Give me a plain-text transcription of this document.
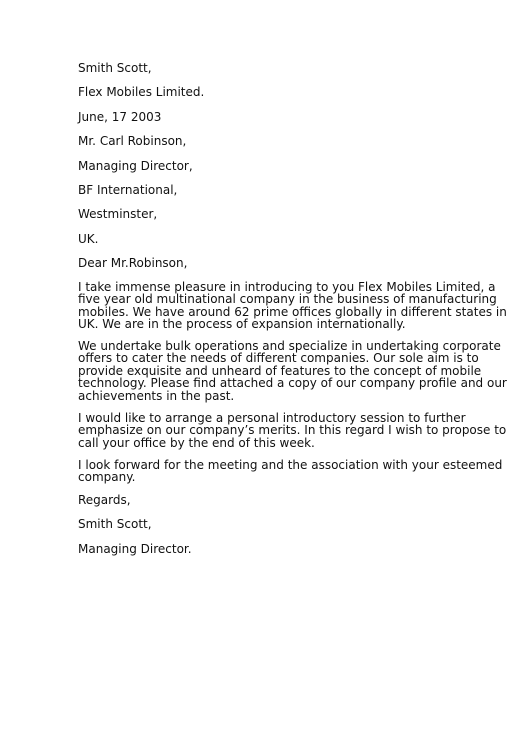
Smith Scott,
Flex Mobiles Limited.
June, 17 2003
Mr. Carl Robinson,
Managing Director,
BF International,
Westminster,
UK.
Dear Mr.Robinson,
I take immense pleasure in introducing to you Flex Mobiles Limited, a
five year old multinational company in the business of manufacturing
mobiles. We have around 62 prime offices globally in different states in
UK. We are in the process of expansion internationally.
We undertake bulk operations and specialize in undertaking corporate
offers to cater the needs of different companies. Our sole aim is to
provide exquisite and unheard of features to the concept of mobile
technology. Please find attached a copy of our company profile and our
achievements in the past.
I would like to arrange a personal introductory session to further
emphasize on our company’s merits. In this regard I wish to propose to
call your office by the end of this week.
I look forward for the meeting and the association with your esteemed
company.
Regards,
Smith Scott,
Managing Director.
